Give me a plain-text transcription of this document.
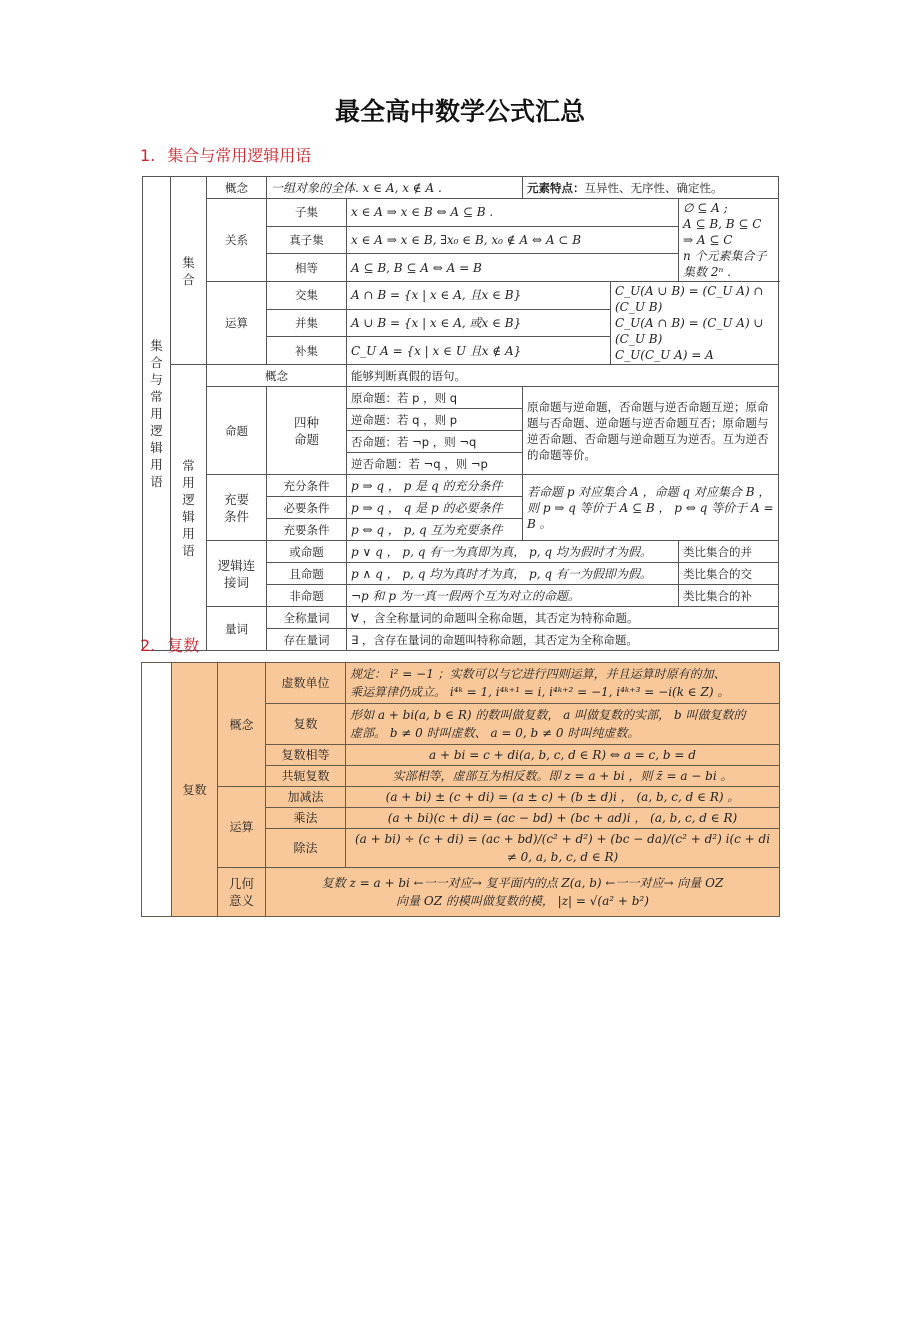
最全高中数学公式汇总
1. 集合与常用逻辑用语
集合与常用逻辑用语	集合	概念	一组对象的全体. x ∈ A, x ∉ A .		元素特点：互异性、无序性、确定性。		
		关系	子集	x ∈ A ⇒ x ∈ B ⇔ A ⊆ B .			∅ ⊆ A ;
A ⊆ B, B ⊆ C ⇒ A ⊆ C
n 个元素集合子集数 2ⁿ .

			真子集	x ∈ A ⇒ x ∈ B, ∃x₀ ∈ B, x₀ ∉ A ⇔ A ⊂ B			
			相等	A ⊆ B, B ⊆ A ⇔ A = B			
		运算	交集	A ∩ B = {x | x ∈ A, 且x ∈ B}		C_U(A ∪ B) = (C_U A) ∩ (C_U B)
C_U(A ∩ B) = (C_U A) ∪ (C_U B)
C_U(C_U A) = A	

			并集	A ∪ B = {x | x ∈ A, 或x ∈ B}			
			补集	C_U A = {x | x ∈ U 且x ∉ A}			
	常用逻辑用语	概念		能够判断真假的语句。			
		命题	四种命题	原命题：若 p ，则 q	原命题与逆命题，否命题与逆否命题互逆；原命题与否命题、逆命题与逆否命题互否；原命题与逆否命题、否命题与逆命题互为逆否。互为逆否的命题等价。		
				逆命题：若 q ，则 p			
				否命题：若 ¬p ，则 ¬q			
				逆否命题：若 ¬q ，则 ¬p			
		充要条件	充分条件	p ⇒ q ， p 是 q 的充分条件	若命题 p 对应集合 A ，命题 q 对应集合 B ，则 p ⇒ q 等价于 A ⊆ B ， p ⇔ q 等价于 A = B 。		
			必要条件	p ⇒ q ， q 是 p 的必要条件			
			充要条件	p ⇔ q ， p, q 互为充要条件			
		逻辑连接词	或命题	p ∨ q ， p, q 有一为真即为真， p, q 均为假时才为假。			类比集合的并
			且命题	p ∧ q ， p, q 均为真时才为真， p, q 有一为假即为假。			类比集合的交
			非命题	¬p 和 p 为一真一假两个互为对立的命题。			类比集合的补
		量词	全称量词	∀ ，含全称量词的命题叫全称命题，其否定为特称命题。			
			存在量词	∃ ，含存在量词的命题叫特称命题，其否定为全称命题。			
2. 复数
	复数	概念	虚数单位	规定： i² = −1 ；实数可以与它进行四则运算，并且运算时原有的加、
乘运算律仍成立。 i⁴ᵏ = 1, i⁴ᵏ⁺¹ = i, i⁴ᵏ⁺² = −1, i⁴ᵏ⁺³ = −i(k ∈ Z) 。

			复数	形如 a + bi(a, b ∈ R) 的数叫做复数， a 叫做复数的实部， b 叫做复数的
虚部。 b ≠ 0 时叫虚数、 a = 0, b ≠ 0 时叫纯虚数。

			复数相等	a + bi = c + di(a, b, c, d ∈ R) ⇔ a = c, b = d
			共轭复数	实部相等，虚部互为相反数。即 z = a + bi ，则 z̄ = a − bi 。
		运算	加减法	(a + bi) ± (c + di) = (a ± c) + (b ± d)i ， (a, b, c, d ∈ R) 。
			乘法	(a + bi)(c + di) = (ac − bd) + (bc + ad)i ， (a, b, c, d ∈ R)
			除法	(a + bi) ÷ (c + di) = (ac + bd)/(c² + d²) + (bc − da)/(c² + d²) i(c + di ≠ 0, a, b, c, d ∈ R)
		几何意义	复数 z = a + bi ←一一对应→ 复平面内的点 Z(a, b) ←一一对应→ 向量 OZ
向量 OZ 的模叫做复数的模， |z| = √(a² + b²)	
